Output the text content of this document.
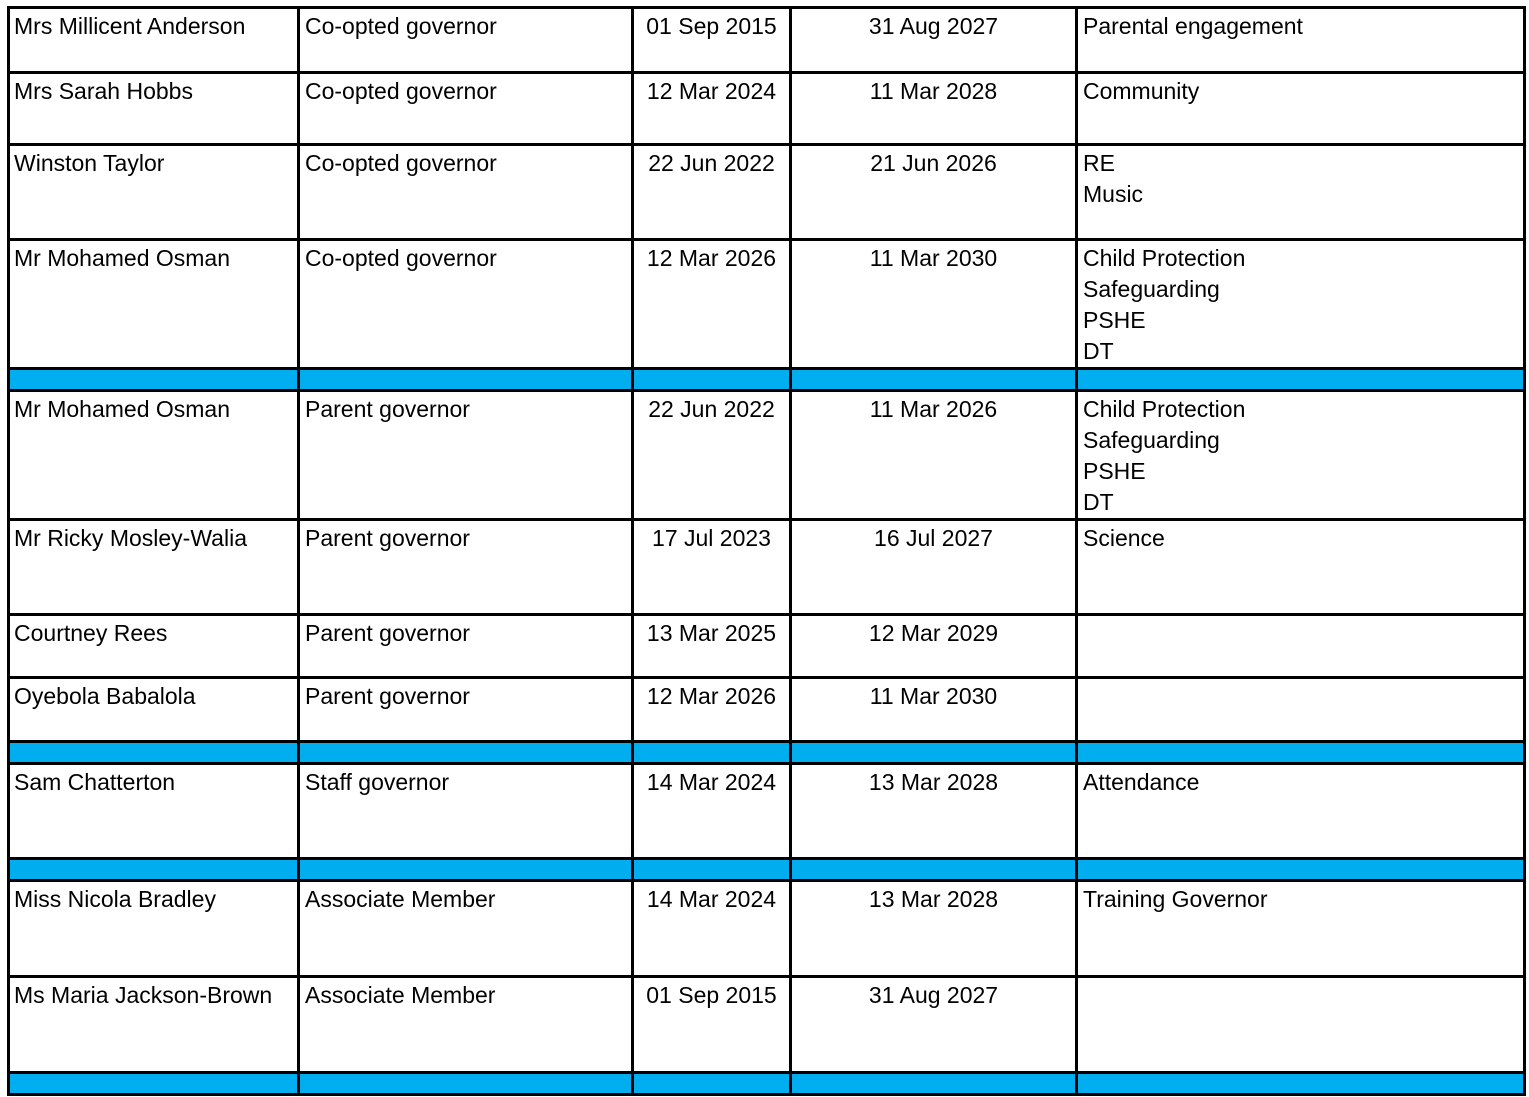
Mrs Millicent Anderson	Co-opted governor	01 Sep 2015	31 Aug 2027	Parental engagement

Mrs Sarah Hobbs	Co-opted governor	12 Mar 2024	11 Mar 2028	Community

Winston Taylor	Co-opted governor	22 Jun 2022	21 Jun 2026	RE
Music

Mr Mohamed Osman	Co-opted governor	12 Mar 2026	11 Mar 2030	Child Protection
Safeguarding
PSHE
DT

Mr Mohamed Osman	Parent governor	22 Jun 2022	11 Mar 2026	Child Protection
Safeguarding
PSHE
DT

Mr Ricky Mosley-Walia	Parent governor	17 Jul 2023	16 Jul 2027	Science

Courtney Rees	Parent governor	13 Mar 2025	12 Mar 2029	
Oyebola Babalola	Parent governor	12 Mar 2026	11 Mar 2030	

Sam Chatterton	Staff governor	14 Mar 2024	13 Mar 2028	Attendance

Miss Nicola Bradley	Associate Member	14 Mar 2024	13 Mar 2028	Training Governor

Ms Maria Jackson-Brown	Associate Member	01 Sep 2015	31 Aug 2027	
